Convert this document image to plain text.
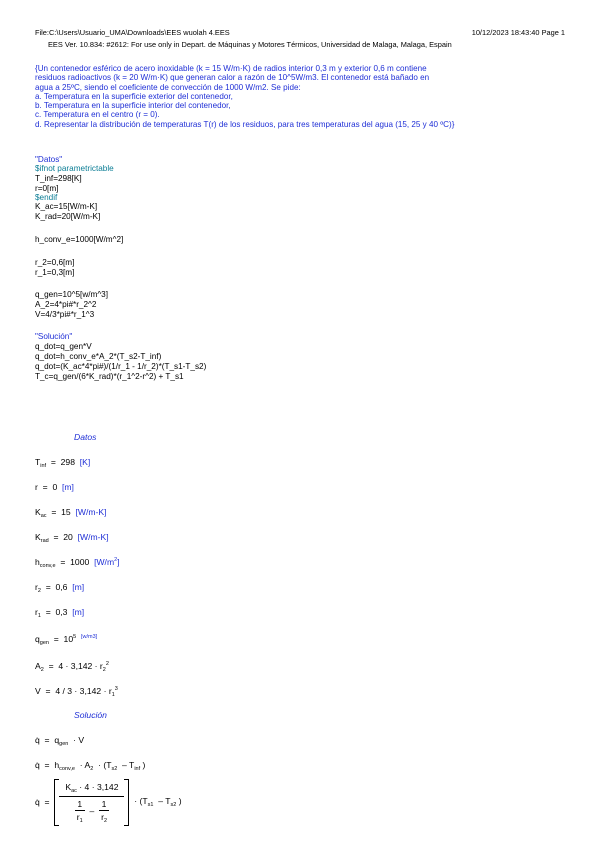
File:C:\Users\Usuario_UMA\Downloads\EES wuolah 4.EES	10/12/2023 18:43:40 Page 1
EES Ver. 10.834: #2612: For use only in Depart. de Máquinas y Motores Térmicos, Universidad de Malaga, Malaga, Espain
{Un contenedor esférico de acero inoxidable (k = 15 W/m·K) de radios interior 0,3 m y exterior 0,6 m contiene
residuos radioactivos (k = 20 W/m·K) que generan calor a razón de 10^5W/m3. El contenedor está bañado en
agua a 25ºC, siendo el coeficiente de convección de 1000 W/m2. Se pide:
a. Temperatura en la superficie exterior del contenedor,
b. Temperatura en la superficie interior del contenedor,
c. Temperatura en el centro (r = 0).
d. Representar la distribución de temperaturas T(r) de los residuos, para tres temperaturas del agua (15, 25 y 40 ºC)}
"Datos"
$ifnot parametrictable
T_inf=298[K]
r=0[m]
$endif
K_ac=15[W/m-K]
K_rad=20[W/m-K]
h_conv_e=1000[W/m^2]
r_2=0,6[m]
r_1=0,3[m]
q_gen=10^5[w/m^3]
A_2=4*pi#*r_2^2
V=4/3*pi#*r_1^3
"Solución"
q_dot=q_gen*V
q_dot=h_conv_e*A_2*(T_s2-T_inf)
q_dot=(K_ac*4*pi#)/(1/r_1 - 1/r_2)*(T_s1-T_s2)
T_c=q_gen/(6*K_rad)*(r_1^2-r^2) + T_s1
Datos
$T_{inf} = 298$ [K]
r  =  0 [m]
$K_{ac} = 15$ [W/m-K]
$K_{rad} = 20$ [W/m-K]
$h_{conv,e} = 1000$ $[W/m^2]$
$r_2 = 0,6$ [m]
$r_1 = 0,3$ [m]
$q_{gen} = 10^5$ [w/m3]
$A_2 = 4 \cdot 3,142 \cdot r_2^2$
$V = 4 / 3 \cdot 3,142 \cdot r_1^3$
Solución
q̇  =  $q_{gen} \cdot V$
q̇  =  $h_{conv,e} \cdot A_2 \cdot (T_{s2} - T_{inf}$ )
q̇ = $\frac{K_{ac} \cdot 4 \cdot 3,142}{\frac{1}{r_1} - \frac{1}{r_2}}$	· ($T_{s1} - T_{s2}$ )
